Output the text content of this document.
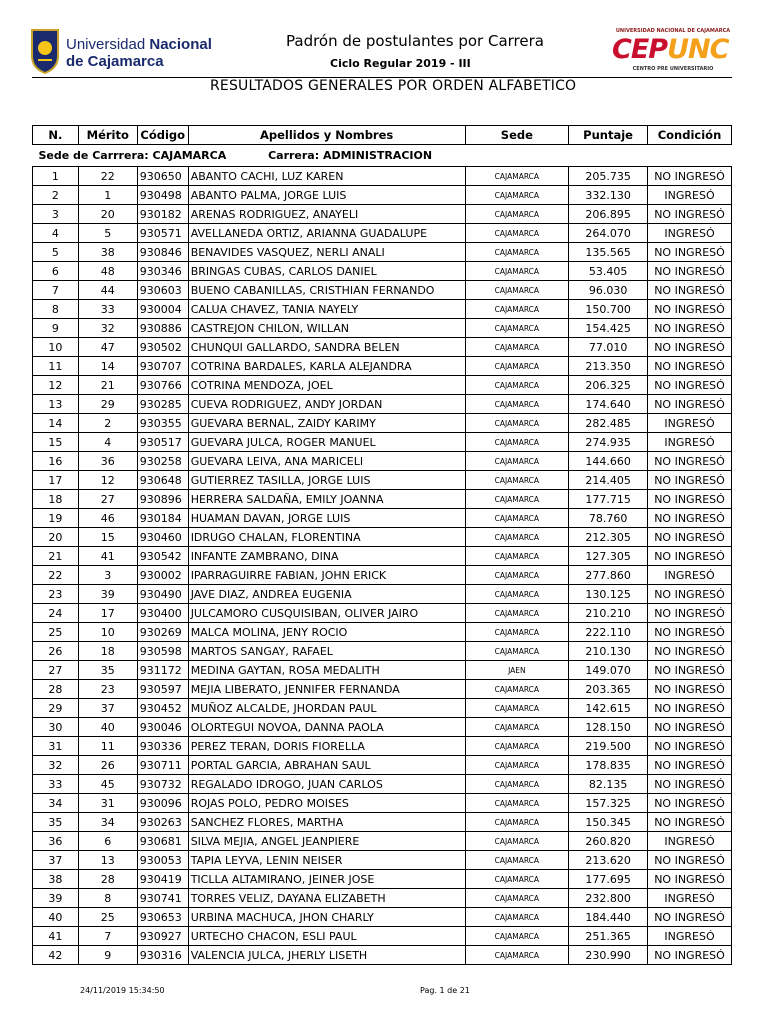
Universidad Nacional
de Cajamarca
Padrón de postulantes por Carrera
Ciclo Regular 2019 - III
RESULTADOS GENERALES POR ORDEN ALFABETICO
UNIVERSIDAD NACIONAL DE CAJAMARCA
CEPUNC
CENTRO PRE UNIVERSITARIO
N.	Mérito	Código	Apellidos y Nombres	Sede	Puntaje	Condición
Sede de Carrrera: CAJAMARCA Carrera: ADMINISTRACION						
1	22	930650	ABANTO CACHI, LUZ KAREN	CAJAMARCA	205.735	NO INGRESÓ
2	1	930498	ABANTO PALMA, JORGE LUIS	CAJAMARCA	332.130	INGRESÓ
3	20	930182	ARENAS RODRIGUEZ, ANAYELI	CAJAMARCA	206.895	NO INGRESÓ
4	5	930571	AVELLANEDA ORTIZ, ARIANNA GUADALUPE	CAJAMARCA	264.070	INGRESÓ
5	38	930846	BENAVIDES VASQUEZ, NERLI ANALI	CAJAMARCA	135.565	NO INGRESÓ
6	48	930346	BRINGAS CUBAS, CARLOS DANIEL	CAJAMARCA	53.405	NO INGRESÓ
7	44	930603	BUENO CABANILLAS, CRISTHIAN FERNANDO	CAJAMARCA	96.030	NO INGRESÓ
8	33	930004	CALUA CHAVEZ, TANIA NAYELY	CAJAMARCA	150.700	NO INGRESÓ
9	32	930886	CASTREJON CHILON, WILLAN	CAJAMARCA	154.425	NO INGRESÓ
10	47	930502	CHUNQUI GALLARDO, SANDRA BELEN	CAJAMARCA	77.010	NO INGRESÓ
11	14	930707	COTRINA BARDALES, KARLA ALEJANDRA	CAJAMARCA	213.350	NO INGRESÓ
12	21	930766	COTRINA MENDOZA, JOEL	CAJAMARCA	206.325	NO INGRESÓ
13	29	930285	CUEVA RODRIGUEZ, ANDY JORDAN	CAJAMARCA	174.640	NO INGRESÓ
14	2	930355	GUEVARA BERNAL, ZAIDY KARIMY	CAJAMARCA	282.485	INGRESÓ
15	4	930517	GUEVARA JULCA, ROGER MANUEL	CAJAMARCA	274.935	INGRESÓ
16	36	930258	GUEVARA LEIVA, ANA MARICELI	CAJAMARCA	144.660	NO INGRESÓ
17	12	930648	GUTIERREZ TASILLA, JORGE LUIS	CAJAMARCA	214.405	NO INGRESÓ
18	27	930896	HERRERA SALDAÑA, EMILY JOANNA	CAJAMARCA	177.715	NO INGRESÓ
19	46	930184	HUAMAN DAVAN, JORGE LUIS	CAJAMARCA	78.760	NO INGRESÓ
20	15	930460	IDRUGO CHALAN, FLORENTINA	CAJAMARCA	212.305	NO INGRESÓ
21	41	930542	INFANTE ZAMBRANO, DINA	CAJAMARCA	127.305	NO INGRESÓ
22	3	930002	IPARRAGUIRRE FABIAN, JOHN ERICK	CAJAMARCA	277.860	INGRESÓ
23	39	930490	JAVE DIAZ, ANDREA EUGENIA	CAJAMARCA	130.125	NO INGRESÓ
24	17	930400	JULCAMORO CUSQUISIBAN, OLIVER JAIRO	CAJAMARCA	210.210	NO INGRESÓ
25	10	930269	MALCA MOLINA, JENY ROCIO	CAJAMARCA	222.110	NO INGRESÓ
26	18	930598	MARTOS SANGAY, RAFAEL	CAJAMARCA	210.130	NO INGRESÓ
27	35	931172	MEDINA GAYTAN, ROSA MEDALITH	JAEN	149.070	NO INGRESÓ
28	23	930597	MEJIA LIBERATO, JENNIFER FERNANDA	CAJAMARCA	203.365	NO INGRESÓ
29	37	930452	MUÑOZ ALCALDE, JHORDAN PAUL	CAJAMARCA	142.615	NO INGRESÓ
30	40	930046	OLORTEGUI NOVOA, DANNA PAOLA	CAJAMARCA	128.150	NO INGRESÓ
31	11	930336	PEREZ TERAN, DORIS FIORELLA	CAJAMARCA	219.500	NO INGRESÓ
32	26	930711	PORTAL GARCIA, ABRAHAN SAUL	CAJAMARCA	178.835	NO INGRESÓ
33	45	930732	REGALADO IDROGO, JUAN CARLOS	CAJAMARCA	82.135	NO INGRESÓ
34	31	930096	ROJAS POLO, PEDRO MOISES	CAJAMARCA	157.325	NO INGRESÓ
35	34	930263	SANCHEZ FLORES, MARTHA	CAJAMARCA	150.345	NO INGRESÓ
36	6	930681	SILVA MEJIA, ANGEL JEANPIERE	CAJAMARCA	260.820	INGRESÓ
37	13	930053	TAPIA LEYVA, LENIN NEISER	CAJAMARCA	213.620	NO INGRESÓ
38	28	930419	TICLLA ALTAMIRANO, JEINER JOSE	CAJAMARCA	177.695	NO INGRESÓ
39	8	930741	TORRES VELIZ, DAYANA ELIZABETH	CAJAMARCA	232.800	INGRESÓ
40	25	930653	URBINA MACHUCA, JHON CHARLY	CAJAMARCA	184.440	NO INGRESÓ
41	7	930927	URTECHO CHACON, ESLI PAUL	CAJAMARCA	251.365	INGRESÓ
42	9	930316	VALENCIA JULCA, JHERLY LISETH	CAJAMARCA	230.990	NO INGRESÓ
24/11/2019 15:34:50	Pag. 1 de 21
